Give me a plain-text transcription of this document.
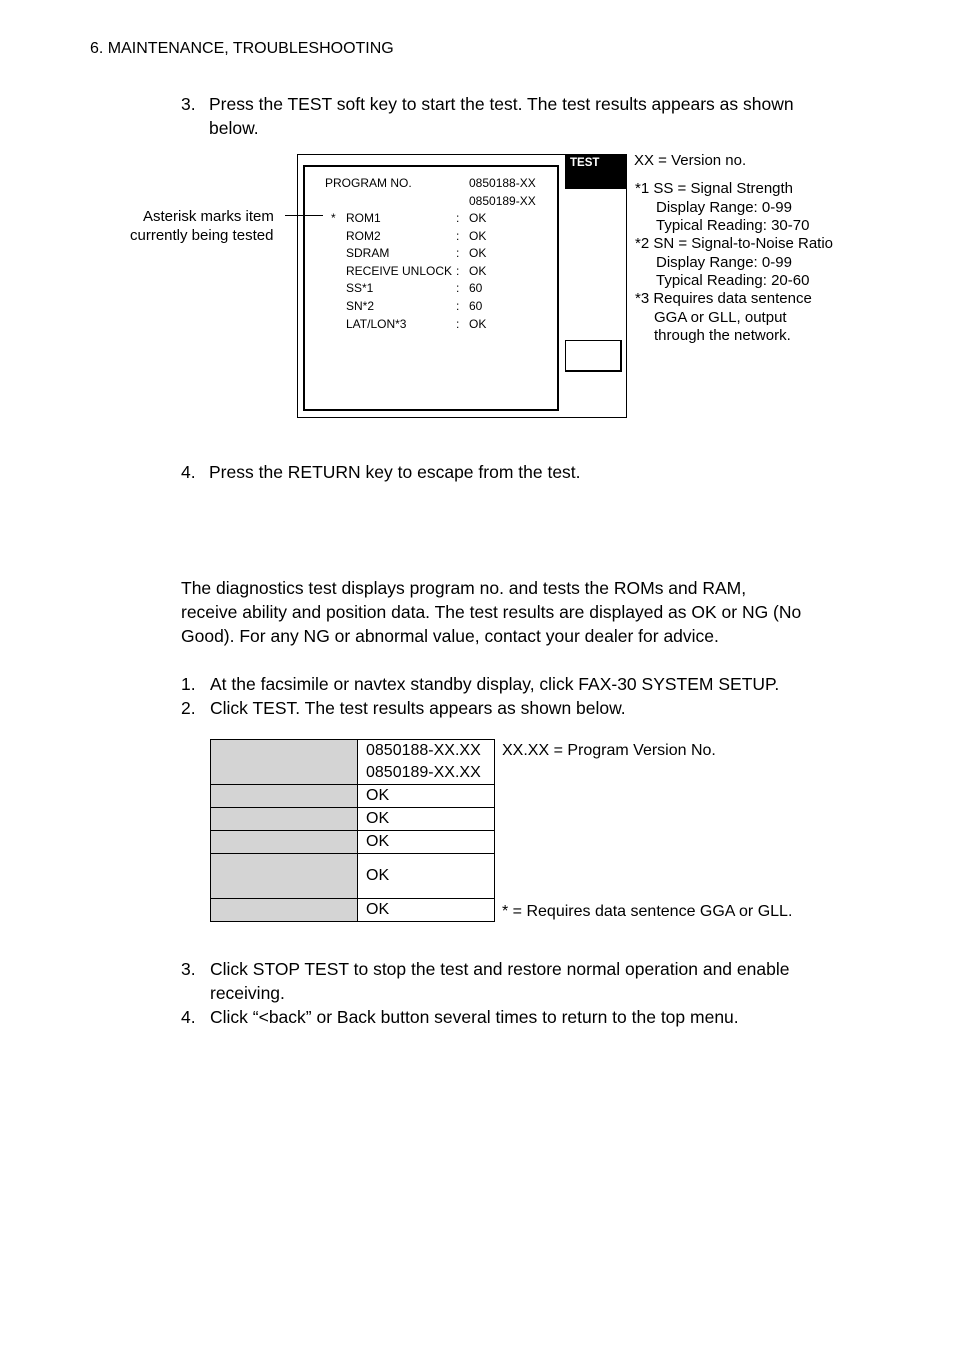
6. MAINTENANCE, TROUBLESHOOTING
3. Press the TEST soft key to start the test. The test results appears as shown
below.
TEST
Asterisk marks item
currently being tested
PROGRAM NO.	0850188-XX
0850189-XX
* ROM1	: OK
ROM2	: OK
SDRAM	: OK
RECEIVE UNLOCK : OK
SS*1	: 60
SN*2	: 60
LAT/LON*3	: OK
XX = Version no.
*1 SS = Signal Strength
Display Range: 0-99
Typical Reading: 30-70
*2 SN = Signal-to-Noise Ratio
Display Range: 0-99
Typical Reading: 20-60
*3 Requires data sentence
GGA or GLL, output
through the network.
4. Press the RETURN key to escape from the test.
The diagnostics test displays program no. and tests the ROMs and RAM,
receive ability and position data. The test results are displayed as OK or NG (No
Good). For any NG or abnormal value, contact your dealer for advice.
1. At the facsimile or navtex standby display, click FAX-30 SYSTEM SETUP.
2. Click TEST. The test results appears as shown below.

	0850188-XX.XX
0850189-XX.XX

	OK
	OK
	OK
	OK
	OK
XX.XX = Program Version No.
* = Requires data sentence GGA or GLL.
3. Click STOP TEST to stop the test and restore normal operation and enable
receiving.
4. Click “<back” or Back button several times to return to the top menu.
